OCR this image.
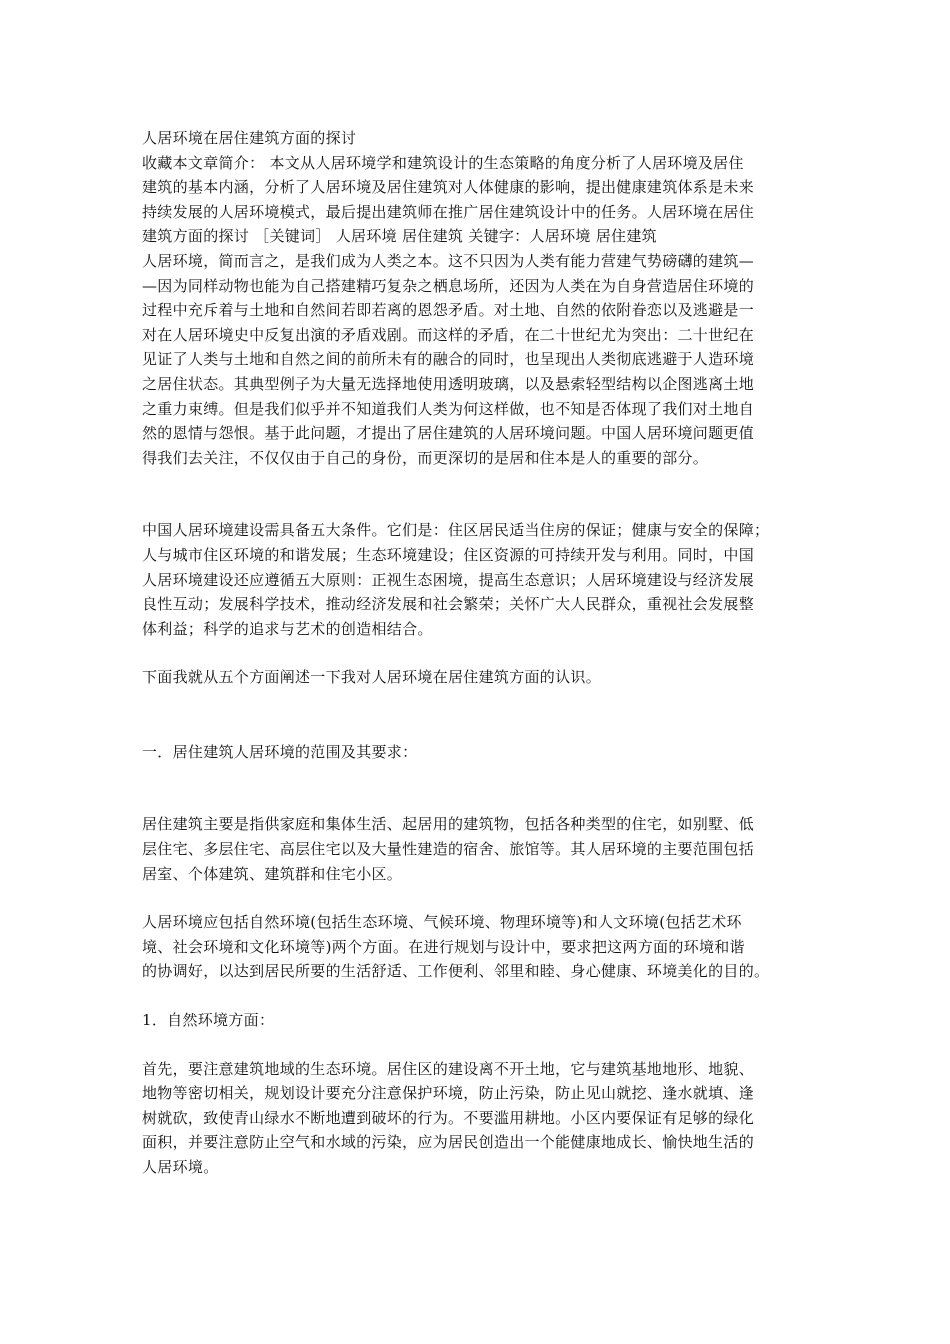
人居环境在居住建筑方面的探讨
收藏本文章简介： 本文从人居环境学和建筑设计的生态策略的角度分析了人居环境及居住
建筑的基本内涵，分析了人居环境及居住建筑对人体健康的影响，提出健康建筑体系是未来
持续发展的人居环境模式，最后提出建筑师在推广居住建筑设计中的任务。人居环境在居住
建筑方面的探讨 ［关键词］ 人居环境 居住建筑 关键字：人居环境 居住建筑
人居环境，简而言之，是我们成为人类之本。这不只因为人类有能力营建气势磅礴的建筑—
—因为同样动物也能为自己搭建精巧复杂之栖息场所，还因为人类在为自身营造居住环境的
过程中充斥着与土地和自然间若即若离的恩怨矛盾。对土地、自然的依附眷恋以及逃避是一
对在人居环境史中反复出演的矛盾戏剧。而这样的矛盾，在二十世纪尤为突出：二十世纪在
见证了人类与土地和自然之间的前所未有的融合的同时，也呈现出人类彻底逃避于人造环境
之居住状态。其典型例子为大量无选择地使用透明玻璃，以及悬索轻型结构以企图逃离土地
之重力束缚。但是我们似乎并不知道我们人类为何这样做，也不知是否体现了我们对土地自
然的恩情与怨恨。基于此问题，才提出了居住建筑的人居环境问题。中国人居环境问题更值
得我们去关注，不仅仅由于自己的身份，而更深切的是居和住本是人的重要的部分。
中国人居环境建设需具备五大条件。它们是：住区居民适当住房的保证；健康与安全的保障；
人与城市住区环境的和谐发展；生态环境建设；住区资源的可持续开发与利用。同时，中国
人居环境建设还应遵循五大原则：正视生态困境，提高生态意识；人居环境建设与经济发展
良性互动；发展科学技术，推动经济发展和社会繁荣；关怀广大人民群众，重视社会发展整
体利益；科学的追求与艺术的创造相结合。
下面我就从五个方面阐述一下我对人居环境在居住建筑方面的认识。
一．居住建筑人居环境的范围及其要求：
居住建筑主要是指供家庭和集体生活、起居用的建筑物，包括各种类型的住宅，如别墅、低
层住宅、多层住宅、高层住宅以及大量性建造的宿舍、旅馆等。其人居环境的主要范围包括
居室、个体建筑、建筑群和住宅小区。
人居环境应包括自然环境(包括生态环境、气候环境、物理环境等)和人文环境(包括艺术环
境、社会环境和文化环境等)两个方面。在进行规划与设计中，要求把这两方面的环境和谐
的协调好，以达到居民所要的生活舒适、工作便利、邻里和睦、身心健康、环境美化的目的。
1．自然环境方面：
首先，要注意建筑地域的生态环境。居住区的建设离不开土地，它与建筑基地地形、地貌、
地物等密切相关，规划设计要充分注意保护环境，防止污染，防止见山就挖、逢水就填、逢
树就砍，致使青山绿水不断地遭到破坏的行为。不要滥用耕地。小区内要保证有足够的绿化
面积，并要注意防止空气和水域的污染，应为居民创造出一个能健康地成长、愉快地生活的
人居环境。
